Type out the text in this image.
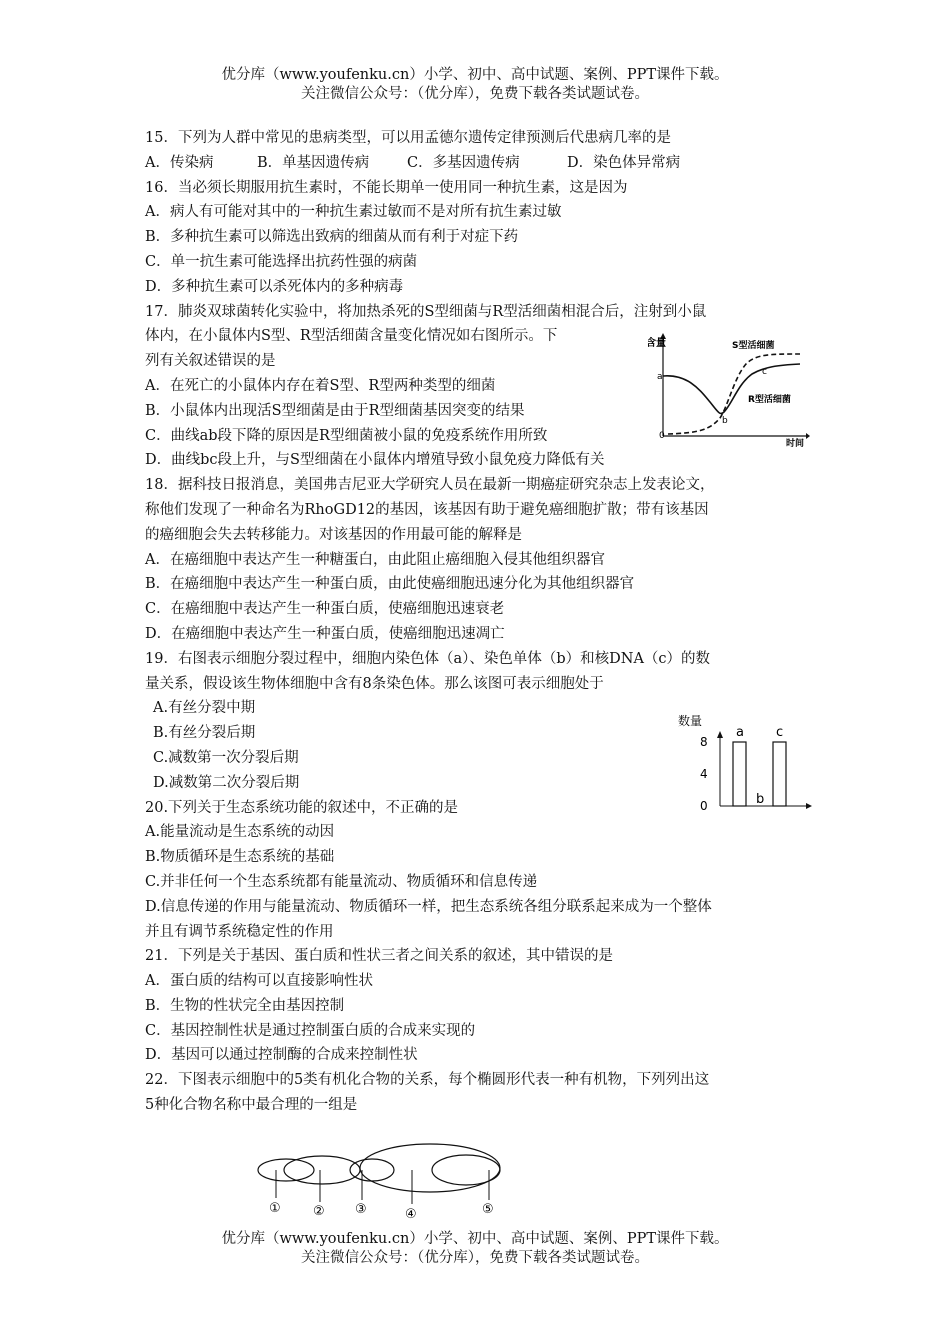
优分库（www.youfenku.cn）小学、初中、高中试题、案例、PPT课件下载。
关注微信公众号：（优分库），免费下载各类试题试卷。
15．下列为人群中常见的患病类型，可以用孟德尔遗传定律预测后代患病几率的是
A．传染病	B．单基因遗传病	C．多基因遗传病	D．染色体异常病
16．当必须长期服用抗生素时，不能长期单一使用同一种抗生素，这是因为
A．病人有可能对其中的一种抗生素过敏而不是对所有抗生素过敏
B．多种抗生素可以筛选出致病的细菌从而有利于对症下药
C．单一抗生素可能选择出抗药性强的病菌
D．多种抗生素可以杀死体内的多种病毒
17．肺炎双球菌转化实验中，将加热杀死的S型细菌与R型活细菌相混合后，注射到小鼠
体内，在小鼠体内S型、R型活细菌含量变化情况如右图所示。下
列有关叙述错误的是
A．在死亡的小鼠体内存在着S型、R型两种类型的细菌
B．小鼠体内出现活S型细菌是由于R型细菌基因突变的结果
C．曲线ab段下降的原因是R型细菌被小鼠的免疫系统作用所致
D．曲线bc段上升，与S型细菌在小鼠体内增殖导致小鼠免疫力降低有关
18．据科技日报消息，美国弗吉尼亚大学研究人员在最新一期癌症研究杂志上发表论文，
称他们发现了一种命名为RhoGD12的基因，该基因有助于避免癌细胞扩散；带有该基因
的癌细胞会失去转移能力。对该基因的作用最可能的解释是
A．在癌细胞中表达产生一种糖蛋白，由此阻止癌细胞入侵其他组织器官
B．在癌细胞中表达产生一种蛋白质，由此使癌细胞迅速分化为其他组织器官
C．在癌细胞中表达产生一种蛋白质，使癌细胞迅速衰老
D．在癌细胞中表达产生一种蛋白质，使癌细胞迅速凋亡
19．右图表示细胞分裂过程中，细胞内染色体（a）、染色单体（b）和核DNA（c）的数
量关系，假设该生物体细胞中含有8条染色体。那么该图可表示细胞处于
A.有丝分裂中期
B.有丝分裂后期
C.减数第一次分裂后期
D.减数第二次分裂后期
20.下列关于生态系统功能的叙述中，不正确的是
A.能量流动是生态系统的动因
B.物质循环是生态系统的基础
C.并非任何一个生态系统都有能量流动、物质循环和信息传递
D.信息传递的作用与能量流动、物质循环一样，把生态系统各组分联系起来成为一个整体
并且有调节系统稳定性的作用
21．下列是关于基因、蛋白质和性状三者之间关系的叙述，其中错误的是
A．蛋白质的结构可以直接影响性状
B．生物的性状完全由基因控制
C．基因控制性状是通过控制蛋白质的合成来实现的
D．基因可以通过控制酶的合成来控制性状
22．下图表示细胞中的5类有机化合物的关系，每个椭圆形代表一种有机物，下列列出这
5种化合物名称中最合理的一组是
含量
时间
0
S型活细菌
R型活细菌
a
b
c
数量
0
4
8
a
b
c
① ② ③	④	⑤
优分库（www.youfenku.cn）小学、初中、高中试题、案例、PPT课件下载。
关注微信公众号：（优分库），免费下载各类试题试卷。
